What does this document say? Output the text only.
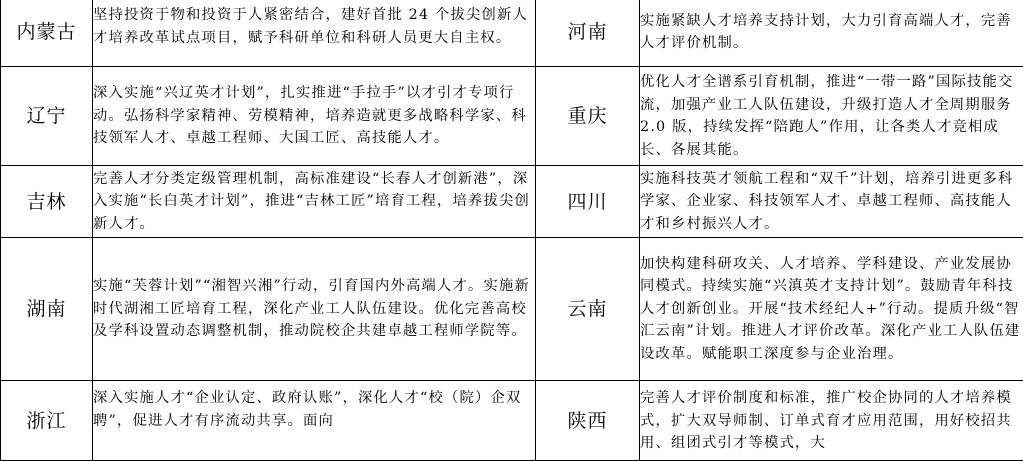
内蒙古	坚持投资于物和投资于人紧密结合，建好首批 24 个拔尖创新人才培养改革试点项目，赋予科研单位和科研人员更大自主权。	河南	实施紧缺人才培养支持计划，大力引育高端人才，完善人才评价机制。
辽宁	深入实施“兴辽英才计划”，扎实推进“手拉手”以才引才专项行动。弘扬科学家精神、劳模精神，培养造就更多战略科学家、科技领军人才、卓越工程师、大国工匠、高技能人才。	重庆	优化人才全谱系引育机制，推进“一带一路”国际技能交流，加强产业工人队伍建设，升级打造人才全周期服务 2.0 版，持续发挥“陪跑人”作用，让各类人才竞相成长、各展其能。
吉林	完善人才分类定级管理机制，高标准建设“长春人才创新港”，深入实施“长白英才计划”，推进“吉林工匠”培育工程，培养拔尖创新人才。	四川	实施科技英才领航工程和“双千”计划，培养引进更多科学家、企业家、科技领军人才、卓越工程师、高技能人才和乡村振兴人才。
湖南	实施“芙蓉计划”“湘智兴湘”行动，引育国内外高端人才。实施新时代湖湘工匠培育工程，深化产业工人队伍建设。优化完善高校及学科设置动态调整机制，推动院校企共建卓越工程师学院等。	云南	加快构建科研攻关、人才培养、学科建设、产业发展协同模式。持续实施“兴滇英才支持计划”。鼓励青年科技人才创新创业。开展“技术经纪人+”行动。提质升级“智汇云南”计划。推进人才评价改革。深化产业工人队伍建设改革。赋能职工深度参与企业治理。
浙江	深入实施人才“企业认定、政府认账”，深化人才“校（院）企双聘”，促进人才有序流动共享。面向	陕西	完善人才评价制度和标准，推广校企协同的人才培养模式，扩大双导师制、订单式育才应用范围，用好校招共用、组团式引才等模式，大
